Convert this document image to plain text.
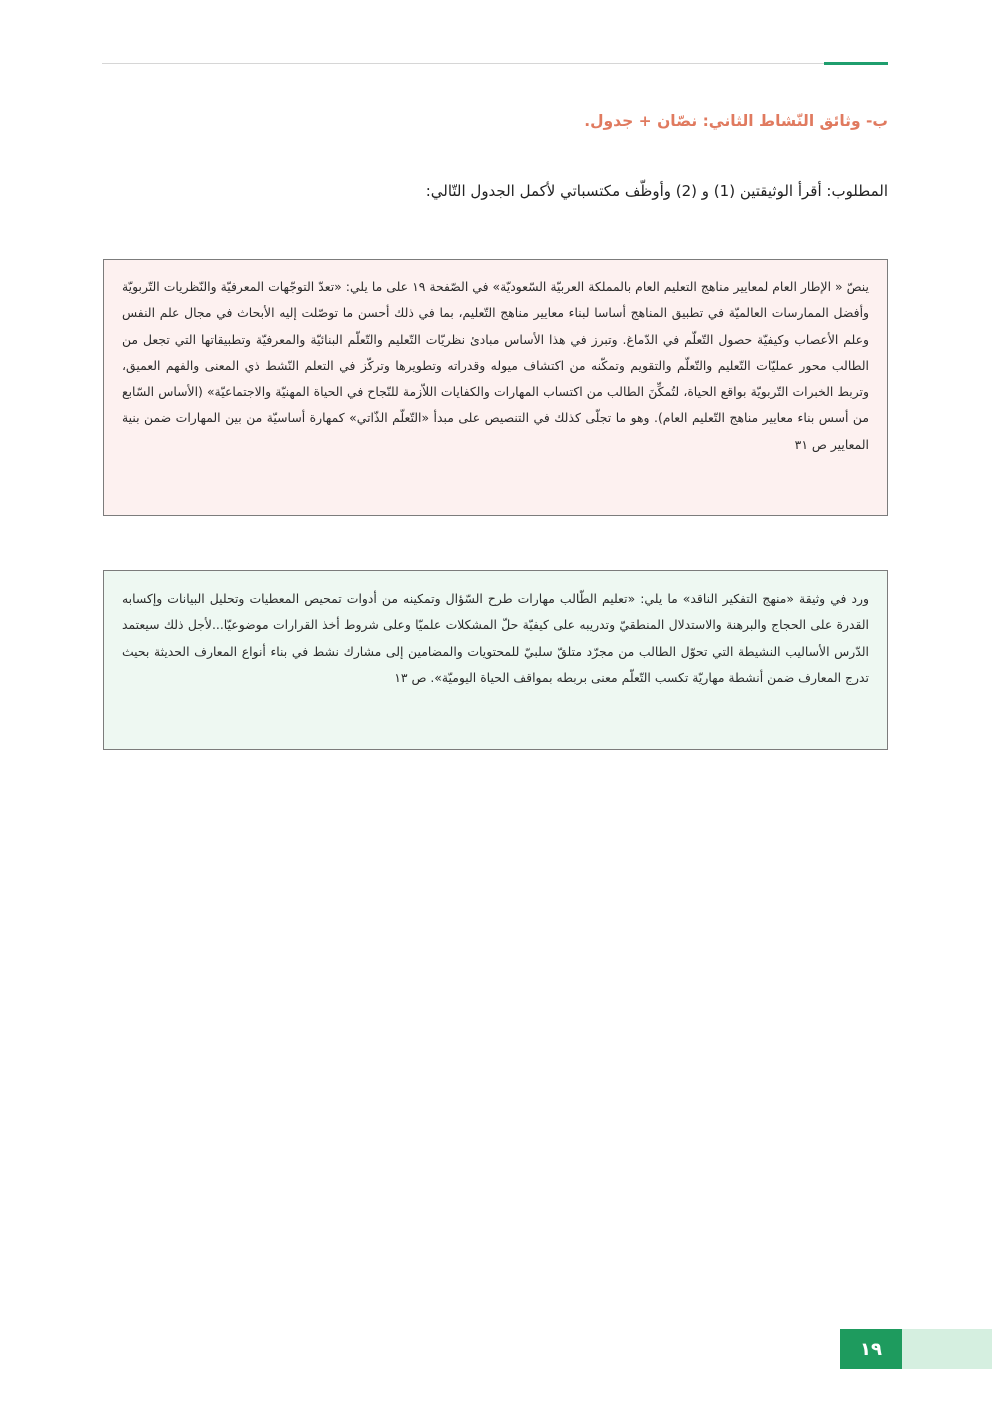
ب- وثائق النّشاط الثاني: نصّان + جدول.
المطلوب: أقرأ الوثيقتين (1) و (2) وأوظّف مكتسباتي لأكمل الجدول التّالي:
ينصّ « الإطار العام لمعايير مناهج التعليم العام بالمملكة العربيّة السّعوديّة» في الصّفحة ١٩ على ما يلي: «تعدّ التوجّهات المعرفيّة والنّظريات التّربويّة وأفضل الممارسات العالميّة في تطبيق المناهج أساسا لبناء معايير مناهج التّعليم، بما في ذلك أحسن ما توصّلت إليه الأبحاث في مجال علم النفس وعلم الأعصاب وكيفيّة حصول التّعلّم في الدّماغ. وتبرز في هذا الأساس مبادئ نظريّات التّعليم والتّعلّم البنائيّة والمعرفيّة وتطبيقاتها التي تجعل من الطالب محور عمليّات التّعليم والتّعلّم والتقويم وتمكّنه من اكتشاف ميوله وقدراته وتطويرها وتركّز في التعلم النّشط ذي المعنى والفهم العميق، وتربط الخبرات التّربويّة بواقع الحياة، لتُمكِّنَ الطالب من اكتساب المهارات والكفايات اللاّزمة للنّجاح في الحياة المهنيّة والاجتماعيّة» (الأساس السّابع من أسس بناء معايير مناهج التّعليم العام). وهو ما تجلّى كذلك في التنصيص على مبدأ «التّعلّم الذّاتي» كمهارة أساسيّة من بين المهارات ضمن بنية المعايير ص ٣١
ورد في وثيقة «منهج التفكير الناقد» ما يلي: «تعليم الطّالب مهارات طرح السّؤال وتمكينه من أدوات تمحيص المعطيات وتحليل البيانات وإكسابه القدرة على الحجاج والبرهنة والاستدلال المنطقيّ وتدريبه على كيفيّة حلّ المشكلات علميّا وعلى شروط أخذ القرارات موضوعيّا...لأجل ذلك سيعتمد الدّرس الأساليب النشيطة التي تحوّل الطالب من مجرّد متلقّ سلبيّ للمحتويات والمضامين إلى مشارك نشط في بناء أنواع المعارف الحديثة بحيث تدرج المعارف ضمن أنشطة مهاريّة تكسب التّعلّم معنى بربطه بمواقف الحياة اليوميّة». ص ١٣
١٩
